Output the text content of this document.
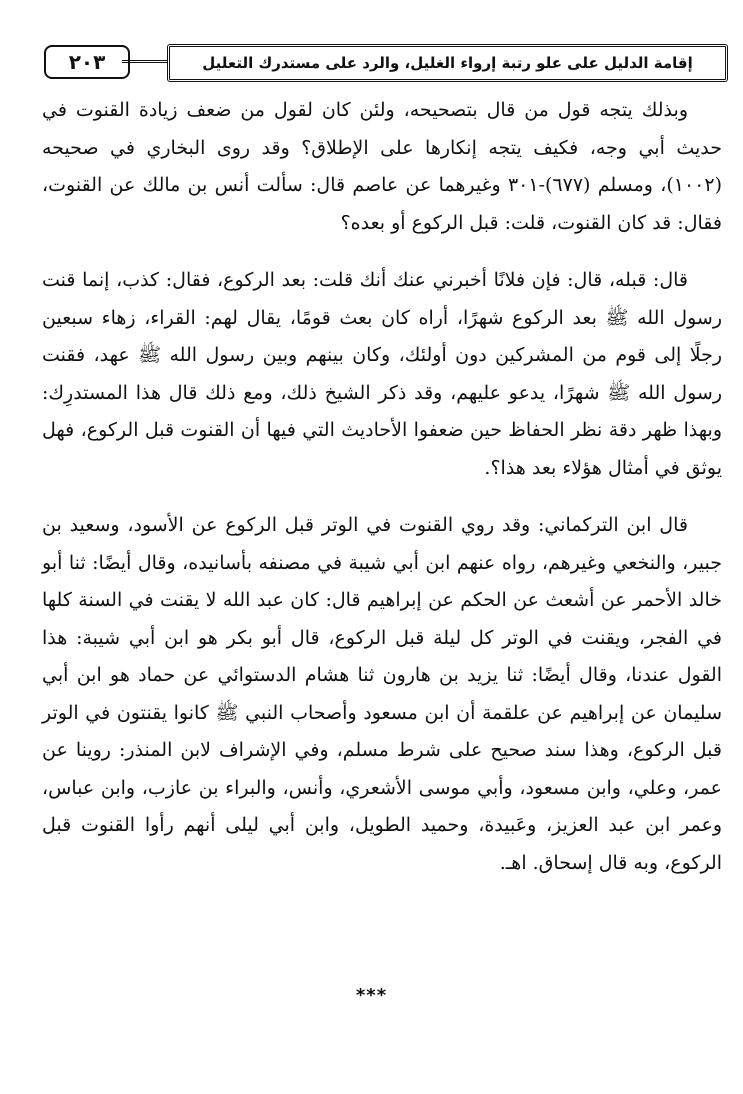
٢٠٣	إقامة الدليل على علو رتبة إرواء الغليل، والرد على مستدرك التعليل

وبذلك يتجه قول من قال بتصحيحه، ولئن كان لقول من ضعف زيادة القنوت في حديث أبي وجه، فكيف يتجه إنكارها على الإطلاق؟ وقد روى البخاري في صحيحه (١٠٠٢)، ومسلم (٦٧٧)-٣٠١ وغيرهما عن عاصم قال: سألت أنس بن مالك عن القنوت، فقال: قد كان القنوت، قلت: قبل الركوع أو بعده؟

قال: قبله، قال: فإن فلانًا أخبرني عنك أنك قلت: بعد الركوع، فقال: كذب، إنما قنت رسول الله ﷺ بعد الركوع شهرًا، أراه كان بعث قومًا، يقال لهم: القراء، زهاء سبعين رجلًا إلى قوم من المشركين دون أولئك، وكان بينهم وبين رسول الله ﷺ عهد، فقنت رسول الله ﷺ شهرًا، يدعو عليهم، وقد ذكر الشيخ ذلك، ومع ذلك قال هذا المستدرِك: وبهذا ظهر دقة نظر الحفاظ حين ضعفوا الأحاديث التي فيها أن القنوت قبل الركوع، فهل يوثق في أمثال هؤلاء بعد هذا؟.

قال ابن التركماني: وقد روي القنوت في الوتر قبل الركوع عن الأسود، وسعيد بن جبير، والنخعي وغيرهم، رواه عنهم ابن أبي شيبة في مصنفه بأسانيده، وقال أيضًا: ثنا أبو خالد الأحمر عن أشعث عن الحكم عن إبراهيم قال: كان عبد الله لا يقنت في السنة كلها في الفجر، ويقنت في الوتر كل ليلة قبل الركوع، قال أبو بكر هو ابن أبي شيبة: هذا القول عندنا، وقال أيضًا: ثنا يزيد بن هارون ثنا هشام الدستوائي عن حماد هو ابن أبي سليمان عن إبراهيم عن علقمة أن ابن مسعود وأصحاب النبي ﷺ كانوا يقنتون في الوتر قبل الركوع، وهذا سند صحيح على شرط مسلم، وفي الإشراف لابن المنذر: روينا عن عمر، وعلي، وابن مسعود، وأبي موسى الأشعري، وأنس، والبراء بن عازب، وابن عباس، وعمر ابن عبد العزيز، وعَبيدة، وحميد الطويل، وابن أبي ليلى أنهم رأوا القنوت قبل الركوع، وبه قال إسحاق. اهـ.

***
